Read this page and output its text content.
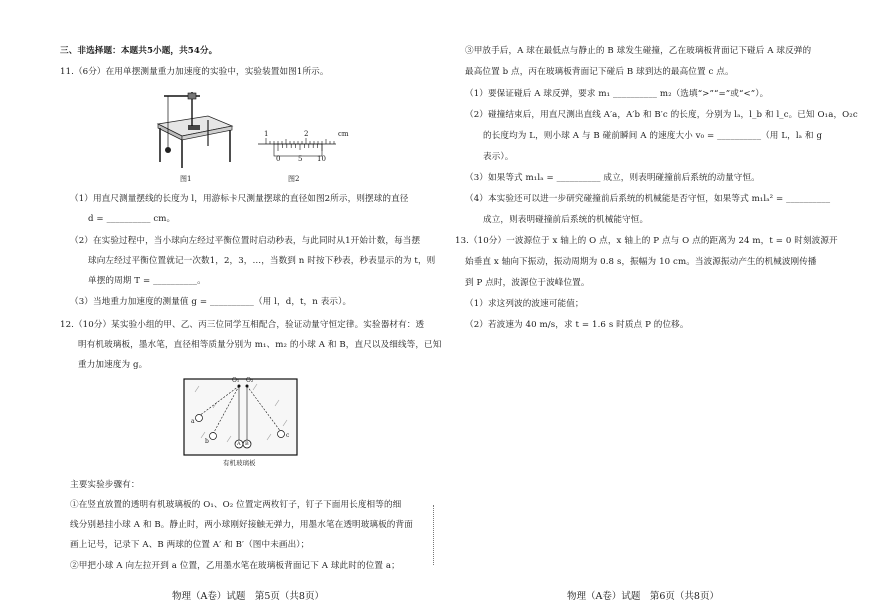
三、非选择题：本题共5小题，共54分。
11.（6分）在用单摆测量重力加速度的实验中，实验装置如图1所示。
图1
1	2	cm
0	5 10
图2
（1）用直尺测量摆线的长度为 l，用游标卡尺测量摆球的直径如图2所示，则摆球的直径
d = __________ cm。
（2）在实验过程中，当小球向左经过平衡位置时启动秒表，与此同时从1开始计数，每当摆
球向左经过平衡位置就记一次数1，2，3，…，当数到 n 时按下秒表，秒表显示的为 t，则
单摆的周期 T = __________。
（3）当地重力加速度的测量值 g = __________（用 l，d，t，n 表示）。
12.（10分）某实验小组的甲、乙、丙三位同学互相配合，验证动量守恒定律。实验器材有：透
明有机玻璃板，墨水笔，直径相等质量分别为 m₁、m₂ 的小球 A 和 B，直尺以及细线等，已知
重力加速度为 g。
O₁ O₂
a
b
c
A B
有机玻璃板
主要实验步骤有：
①在竖直放置的透明有机玻璃板的 O₁、O₂ 位置定两枚钉子，钉子下面用长度相等的细
线分别悬挂小球 A 和 B。静止时，两小球刚好接触无弹力，用墨水笔在透明玻璃板的背面
画上记号，记录下 A、B 两球的位置 A′ 和 B′（图中未画出）；
②甲把小球 A 向左拉开到 a 位置，乙用墨水笔在玻璃板背面记下 A 球此时的位置 a；
物理（A卷）试题　第5页（共8页）
③甲放手后，A 球在最低点与静止的 B 球发生碰撞，乙在玻璃板背面记下碰后 A 球反弹的
最高位置 b 点，丙在玻璃板背面记下碰后 B 球到达的最高位置 c 点。
（1）要保证碰后 A 球反弹，要求 m₁ __________ m₂（选填“>”“=”或“<”）。
（2）碰撞结束后，用直尺测出直线 A′a，A′b 和 B′c 的长度，分别为 lₐ，l_b 和 l_c。已知 O₁a，O₂c
的长度均为 L，则小球 A 与 B 碰前瞬间 A 的速度大小 v₀ = __________（用 L，lₐ 和 g
表示）。
（3）如果等式 m₁lₐ = __________ 成立，则表明碰撞前后系统的动量守恒。
（4）本实验还可以进一步研究碰撞前后系统的机械能是否守恒，如果等式 m₁lₐ² = __________
成立，则表明碰撞前后系统的机械能守恒。
13.（10分）一波源位于 x 轴上的 O 点，x 轴上的 P 点与 O 点的距离为 24 m，t = 0 时刻波源开
始垂直 x 轴向下振动，振动周期为 0.8 s，振幅为 10 cm。当波源振动产生的机械波刚传播
到 P 点时，波源位于波峰位置。
（1）求这列波的波速可能值；
（2）若波速为 40 m/s，求 t = 1.6 s 时质点 P 的位移。
物理（A卷）试题　第6页（共8页）
